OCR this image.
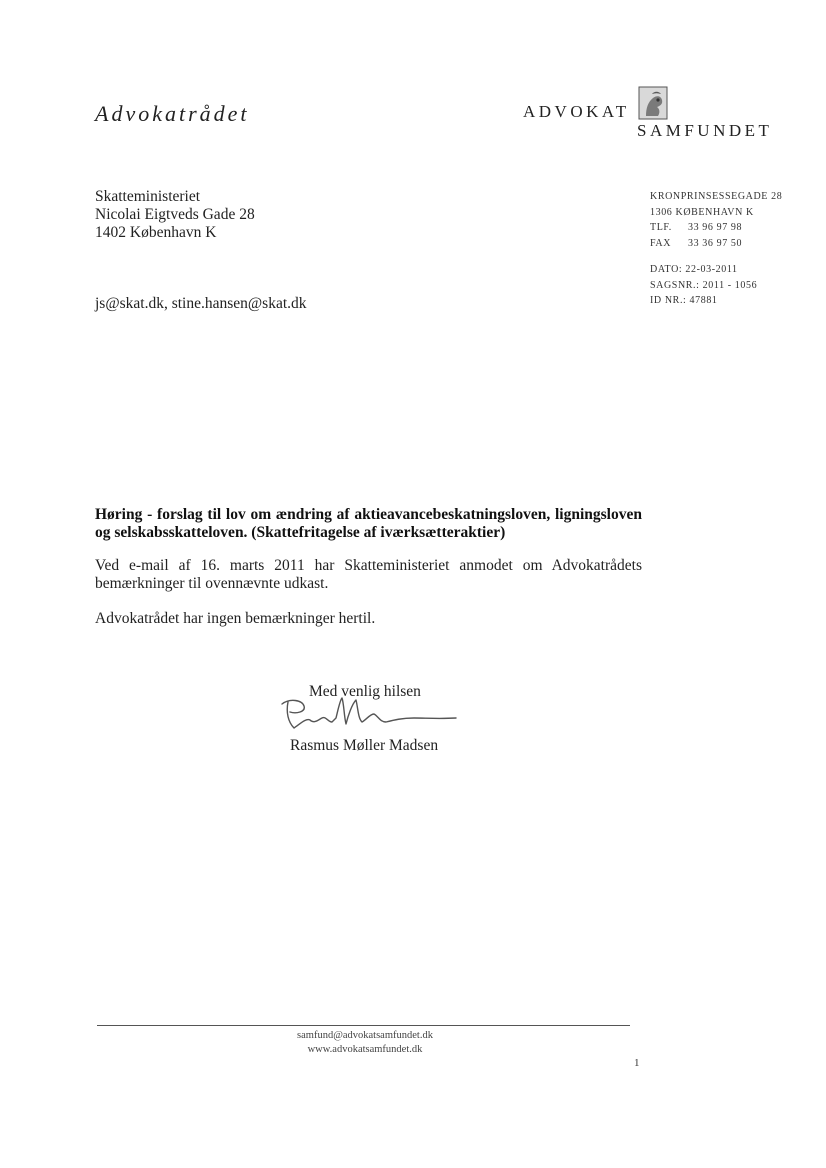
Advokatrådet	ADVOKAT
SAMFUNDET
Skatteministeriet
Nicolai Eigtveds Gade 28
1402 København K
js@skat.dk, stine.hansen@skat.dk
KRONPRINSESSEGADE 28
1306 KØBENHAVN K
TLF.	33 96 97 98
FAX	33 36 97 50
DATO: 22-03-2011
SAGSNR.: 2011 - 1056
ID NR.: 47881
Høring - forslag til lov om ændring af aktieavancebeskatningsloven, ligningsloven og selskabsskatteloven. (Skattefritagelse af iværksætteraktier)
Ved e-mail af 16. marts 2011 har Skatteministeriet anmodet om Advokatrådets bemærkninger til ovennævnte udkast.
Advokatrådet har ingen bemærkninger hertil.
Med venlig hilsen
Rasmus Møller Madsen
samfund@advokatsamfundet.dk
www.advokatsamfundet.dk
1
